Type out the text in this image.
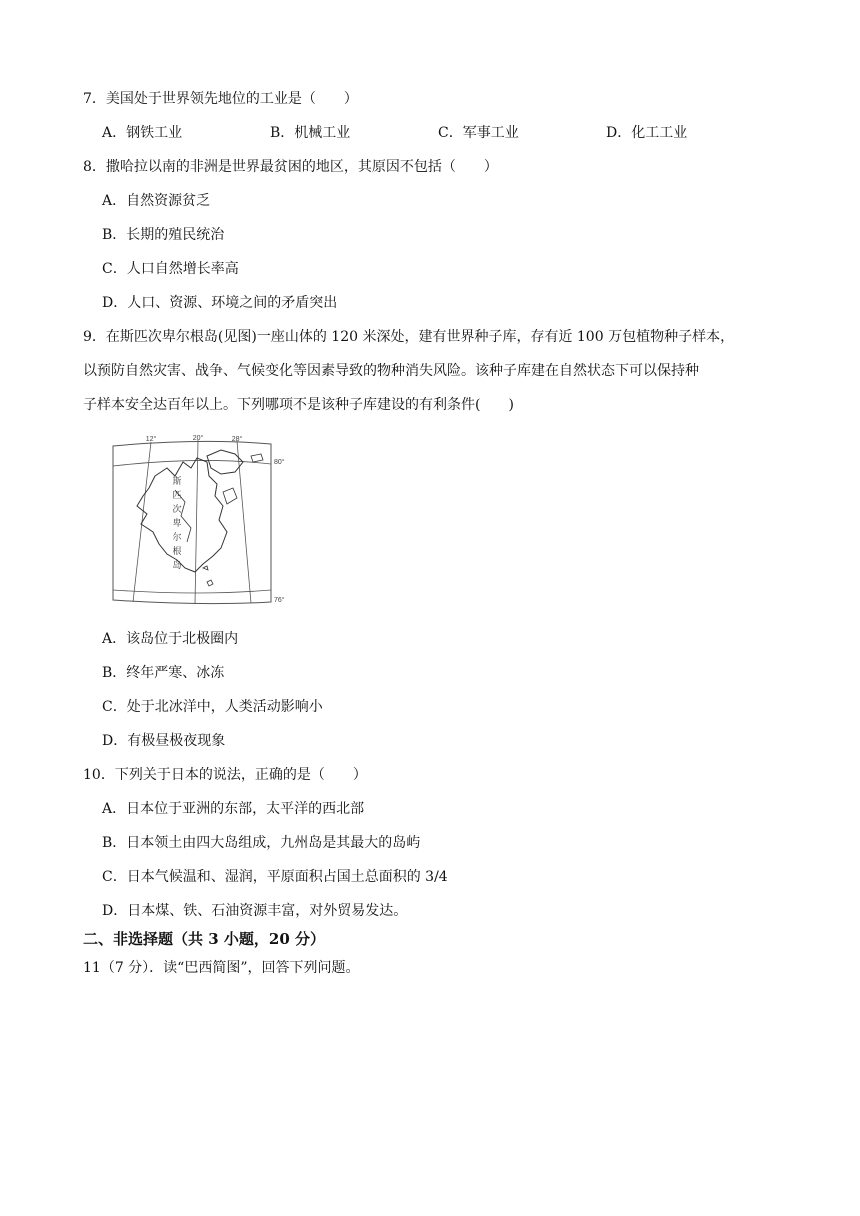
7．美国处于世界领先地位的工业是（　　）
A．钢铁工业	B．机械工业	C．军事工业	D．化工工业
8．撒哈拉以南的非洲是世界最贫困的地区，其原因不包括（　　）
A．自然资源贫乏
B．长期的殖民统治
C．人口自然增长率高
D．人口、资源、环境之间的矛盾突出
9．在斯匹次卑尔根岛(见图)一座山体的 120 米深处，建有世界种子库，存有近 100 万包植物种子样本，
以预防自然灾害、战争、气候变化等因素导致的物种消失风险。该种子库建在自然状态下可以保持种
子样本安全达百年以上。下列哪项不是该种子库建设的有利条件(　　)
12°	20°	28°
80°
76°
斯
匹
次
卑
尔
根
岛
A．该岛位于北极圈内
B．终年严寒、冰冻
C．处于北冰洋中，人类活动影响小
D．有极昼极夜现象
10．下列关于日本的说法，正确的是（　　）
A．日本位于亚洲的东部，太平洋的西北部
B．日本领土由四大岛组成，九州岛是其最大的岛屿
C．日本气候温和、湿润，平原面积占国土总面积的 3/4
D．日本煤、铁、石油资源丰富，对外贸易发达。
二、非选择题（共 3 小题，20 分）
11（7 分）．读“巴西简图”，回答下列问题。
